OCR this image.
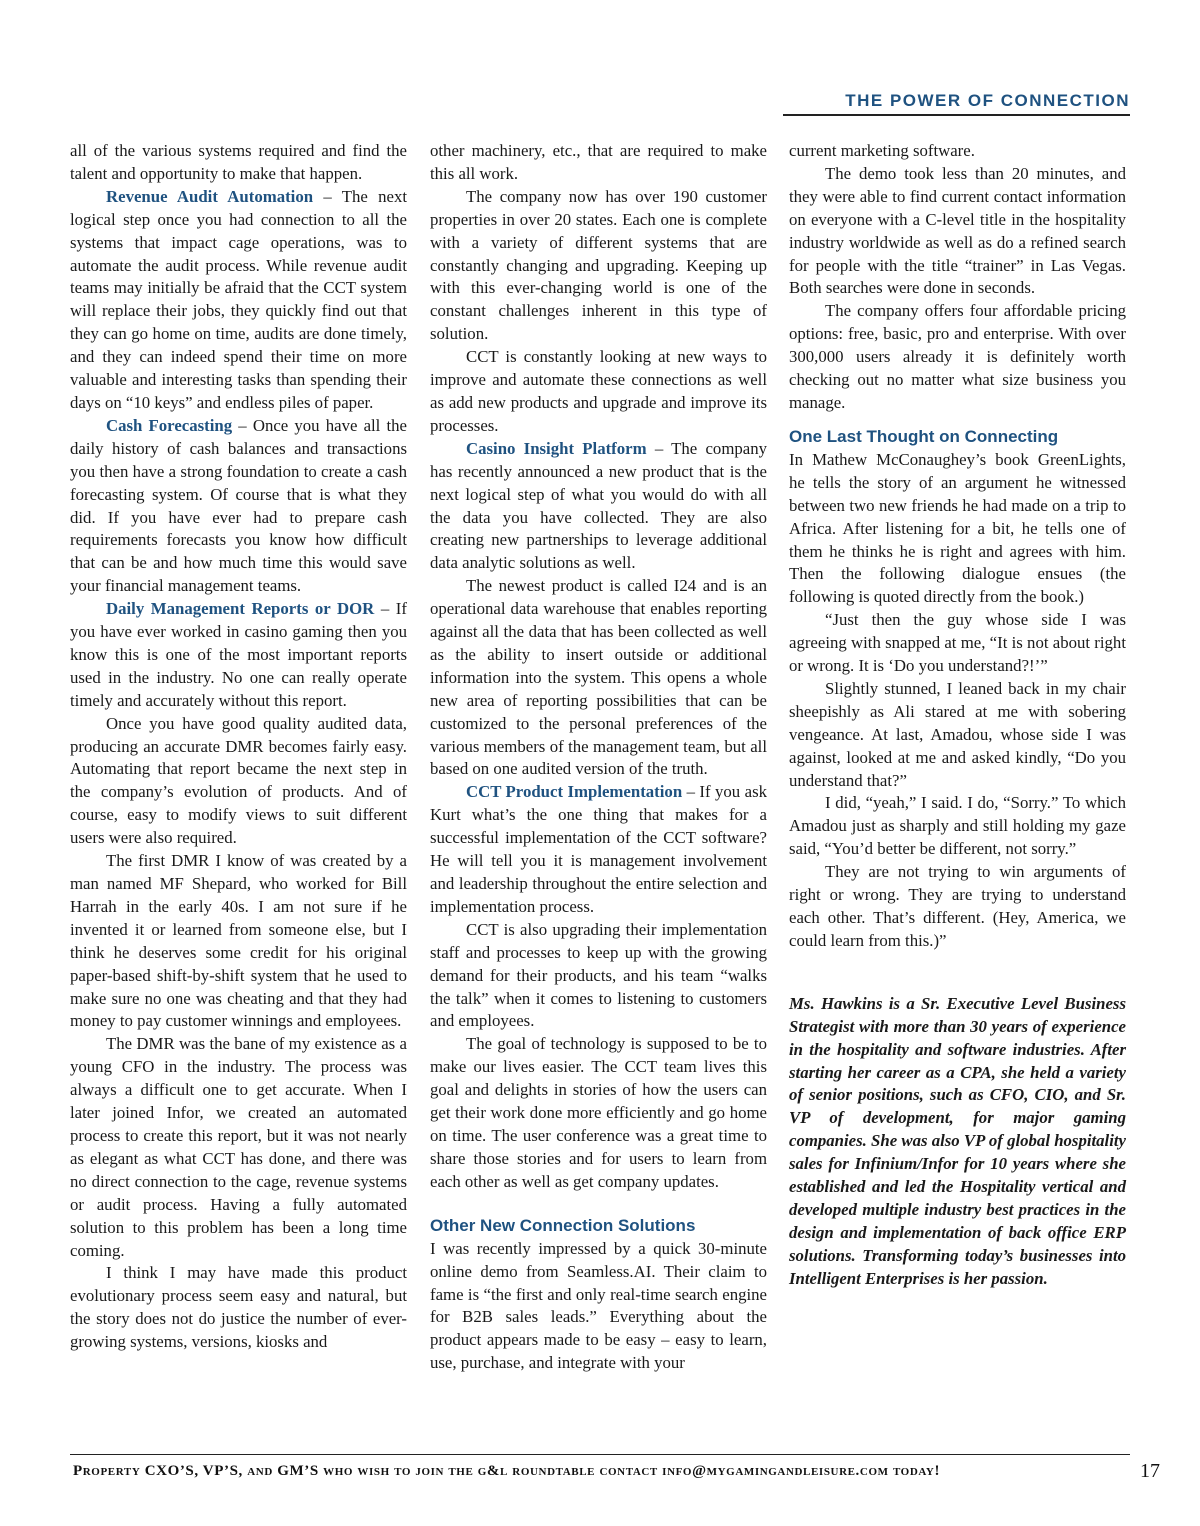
THE POWER OF CONNECTION

all of the various systems required and find the talent and opportunity to make that happen.

Revenue Audit Automation – The next logical step once you had connection to all the systems that impact cage operations, was to automate the audit process. While revenue audit teams may initially be afraid that the CCT system will replace their jobs, they quickly find out that they can go home on time, audits are done timely, and they can indeed spend their time on more valuable and interesting tasks than spending their days on “10 keys” and endless piles of paper.

Cash Forecasting – Once you have all the daily history of cash balances and transactions you then have a strong foundation to create a cash forecasting system. Of course that is what they did. If you have ever had to prepare cash requirements forecasts you know how difficult that can be and how much time this would save your financial management teams.

Daily Management Reports or DOR – If you have ever worked in casino gaming then you know this is one of the most important reports used in the industry. No one can really operate timely and accurately without this report.

Once you have good quality audited data, producing an accurate DMR becomes fairly easy. Automating that report became the next step in the company’s evolution of products. And of course, easy to modify views to suit different users were also required.

The first DMR I know of was created by a man named MF Shepard, who worked for Bill Harrah in the early 40s. I am not sure if he invented it or learned from someone else, but I think he deserves some credit for his original paper-based shift-by-shift system that he used to make sure no one was cheating and that they had money to pay customer winnings and employees.

The DMR was the bane of my existence as a young CFO in the industry. The process was always a difficult one to get accurate. When I later joined Infor, we created an automated process to create this report, but it was not nearly as elegant as what CCT has done, and there was no direct connection to the cage, revenue systems or audit process. Having a fully automated solution to this problem has been a long time coming.

I think I may have made this product evolutionary process seem easy and natural, but the story does not do justice the number of ever-growing systems, versions, kiosks and

other machinery, etc., that are required to make this all work.

The company now has over 190 customer properties in over 20 states. Each one is complete with a variety of different systems that are constantly changing and upgrading. Keeping up with this ever-changing world is one of the constant challenges inherent in this type of solution.

CCT is constantly looking at new ways to improve and automate these connections as well as add new products and upgrade and improve its processes.

Casino Insight Platform – The company has recently announced a new product that is the next logical step of what you would do with all the data you have collected. They are also creating new partnerships to leverage additional data analytic solutions as well.

The newest product is called I24 and is an operational data warehouse that enables reporting against all the data that has been collected as well as the ability to insert outside or additional information into the system. This opens a whole new area of reporting possibilities that can be customized to the personal preferences of the various members of the management team, but all based on one audited version of the truth.

CCT Product Implementation – If you ask Kurt what’s the one thing that makes for a successful implementation of the CCT software? He will tell you it is management involvement and leadership throughout the entire selection and implementation process.

CCT is also upgrading their implementation staff and processes to keep up with the growing demand for their products, and his team “walks the talk” when it comes to listening to customers and employees.

The goal of technology is supposed to be to make our lives easier. The CCT team lives this goal and delights in stories of how the users can get their work done more efficiently and go home on time. The user conference was a great time to share those stories and for users to learn from each other as well as get company updates.

Other New Connection Solutions

I was recently impressed by a quick 30-minute online demo from Seamless.AI. Their claim to fame is “the first and only real-time search engine for B2B sales leads.” Everything about the product appears made to be easy – easy to learn, use, purchase, and integrate with your

current marketing software.

The demo took less than 20 minutes, and they were able to find current contact information on everyone with a C-level title in the hospitality industry worldwide as well as do a refined search for people with the title “trainer” in Las Vegas. Both searches were done in seconds.

The company offers four affordable pricing options: free, basic, pro and enterprise. With over 300,000 users already it is definitely worth checking out no matter what size business you manage.

One Last Thought on Connecting

In Mathew McConaughey’s book GreenLights, he tells the story of an argument he witnessed between two new friends he had made on a trip to Africa. After listening for a bit, he tells one of them he thinks he is right and agrees with him. Then the following dialogue ensues (the following is quoted directly from the book.)

“Just then the guy whose side I was agreeing with snapped at me, “It is not about right or wrong. It is ‘Do you understand?!’”

Slightly stunned, I leaned back in my chair sheepishly as Ali stared at me with sobering vengeance. At last, Amadou, whose side I was against, looked at me and asked kindly, “Do you understand that?”

I did, “yeah,” I said. I do, “Sorry.” To which Amadou just as sharply and still holding my gaze said, “You’d better be different, not sorry.”

They are not trying to win arguments of right or wrong. They are trying to understand each other. That’s different. (Hey, America, we could learn from this.)”

Ms. Hawkins is a Sr. Executive Level Business Strategist with more than 30 years of experience in the hospitality and software industries. After starting her career as a CPA, she held a variety of senior positions, such as CFO, CIO, and Sr. VP of development, for major gaming companies. She was also VP of global hospitality sales for Infinium/Infor for 10 years where she established and led the Hospitality vertical and developed multiple industry best practices in the design and implementation of back office ERP solutions. Transforming today’s businesses into Intelligent Enterprises is her passion.

Property CXO’S, VP’S, and GM’S who wish to join the g&l roundtable contact info@mygamingandleisure.com today!	17
